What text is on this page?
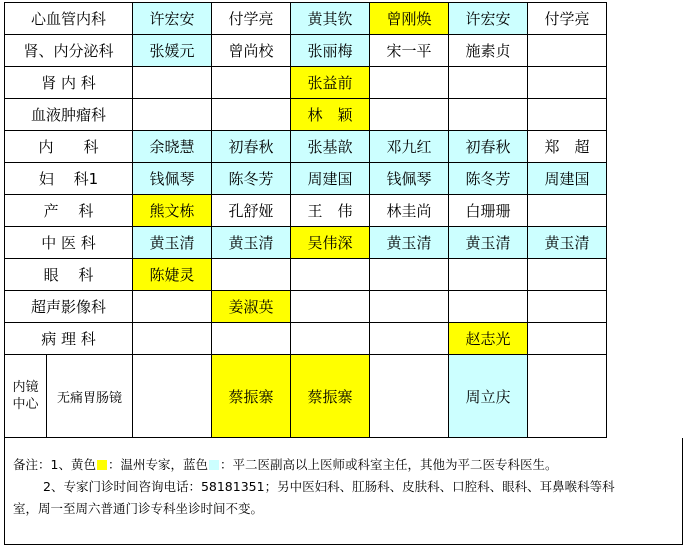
心血管内科		许宏安	付学亮	黄其钦	曾刚焕	许宏安	付学亮
肾、内分泌科		张媛元	曾尚校	张丽梅	宋一平	施素贞	
肾 内 科				张益前			
血液肿瘤科				林　颖			
内　　科		余晓慧	初春秋	张基歆	邓九红	初春秋	郑　超
妇　 科1		钱佩琴	陈冬芳	周建国	钱佩琴	陈冬芳	周建国
产　 科		熊文栋	孔舒娅	王　伟	林圭尚	白珊珊	
中 医 科		黄玉清	黄玉清	吴伟深	黄玉清	黄玉清	黄玉清
眼　 科		陈婕灵					
超声影像科			姜淑英				
病 理 科						赵志光	
内镜
中心	无痛胃肠镜		蔡振寨	蔡振寨		周立庆	

备注：1、黄色 ：温州专家，蓝色 ：平二医副高以上医师或科室主任，其他为平二医专科医生。

2、专家门诊时间咨询电话：58181351；另中医妇科、肛肠科、皮肤科、口腔科、眼科、耳鼻喉科等科

室，周一至周六普通门诊专科坐诊时间不变。
